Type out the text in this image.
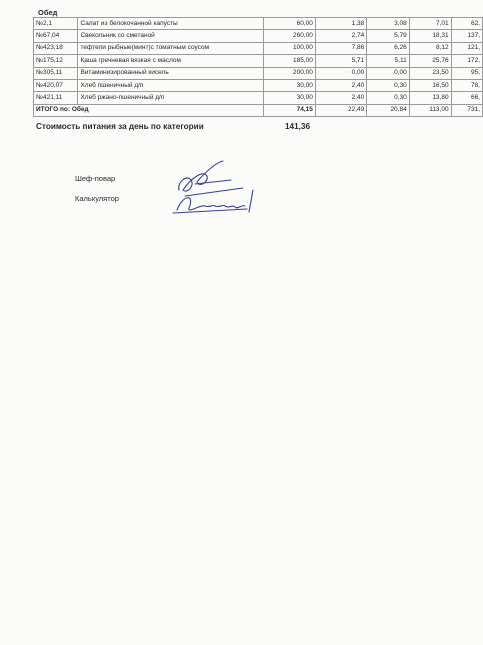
Обед
№2,1	Салат из белокочанной капусты	60,00	1,38	3,08	7,01	62,
№67,04	Свекольник со сметаной	260,00	2,74	5,79	18,31	137,
№423,18	тефтели рыбные(минт)с томатным соусом	100,00	7,86	6,26	8,12	121,
№175,12	Каша гречневая вязкая с маслом	185,00	5,71	5,11	25,76	172,
№305,11	Витаминизированный кисель	200,00	0,00	0,00	23,50	95,
№420,07	Хлеб пшеничный д/п	30,00	2,40	0,30	16,50	78,
№421,11	Хлеб ржано-пшеничный д/п	30,00	2,40	0,30	13,80	66,
ИТОГО по: Обед		74,15	22,49	20,84	113,00	731,
Стоимость питания за день по категории	141,36
Шеф-повар
Калькулятор
